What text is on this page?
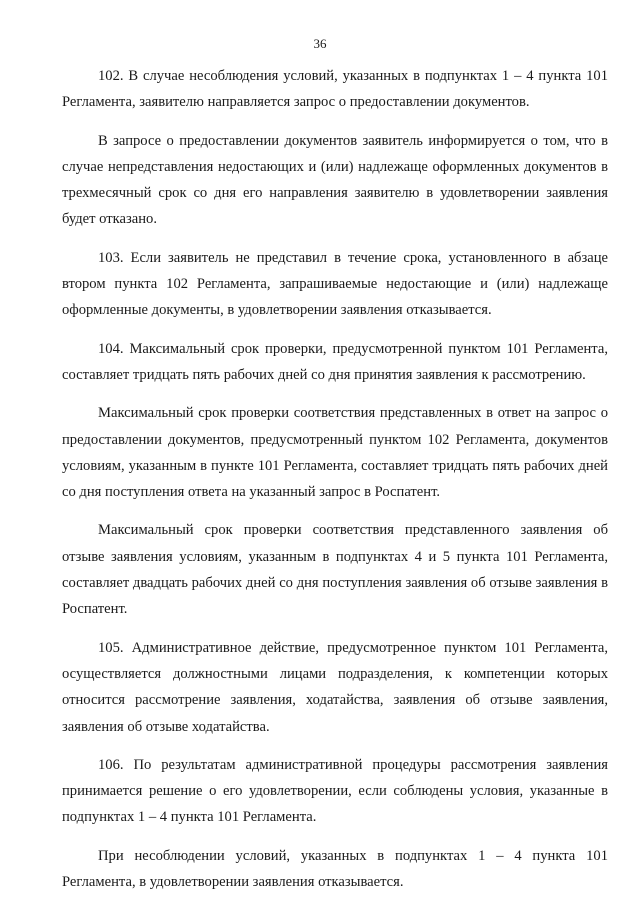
36

102. В случае несоблюдения условий, указанных в подпунктах 1 – 4 пункта 101 Регламента, заявителю направляется запрос о предоставлении документов.

В запросе о предоставлении документов заявитель информируется о том, что в случае непредставления недостающих и (или) надлежаще оформленных документов в трехмесячный срок со дня его направления заявителю в удовлетворении заявления будет отказано.

103. Если заявитель не представил в течение срока, установленного в абзаце втором пункта 102 Регламента, запрашиваемые недостающие и (или) надлежаще оформленные документы, в удовлетворении заявления отказывается.

104. Максимальный срок проверки, предусмотренной пунктом 101 Регламента, составляет тридцать пять рабочих дней со дня принятия заявления к рассмотрению.

Максимальный срок проверки соответствия представленных в ответ на запрос о предоставлении документов, предусмотренный пунктом 102 Регламента, документов условиям, указанным в пункте 101 Регламента, составляет тридцать пять рабочих дней со дня поступления ответа на указанный запрос в Роспатент.

Максимальный срок проверки соответствия представленного заявления об отзыве заявления условиям, указанным в подпунктах 4 и 5 пункта 101 Регламента, составляет двадцать рабочих дней со дня поступления заявления об отзыве заявления в Роспатент.

105. Административное действие, предусмотренное пунктом 101 Регламента, осуществляется должностными лицами подразделения, к компетенции которых относится рассмотрение заявления, ходатайства, заявления об отзыве заявления, заявления об отзыве ходатайства.

106. По результатам административной процедуры рассмотрения заявления принимается решение о его удовлетворении, если соблюдены условия, указанные в подпунктах 1 – 4 пункта 101 Регламента.

При несоблюдении условий, указанных в подпунктах 1 – 4 пункта 101 Регламента, в удовлетворении заявления отказывается.
